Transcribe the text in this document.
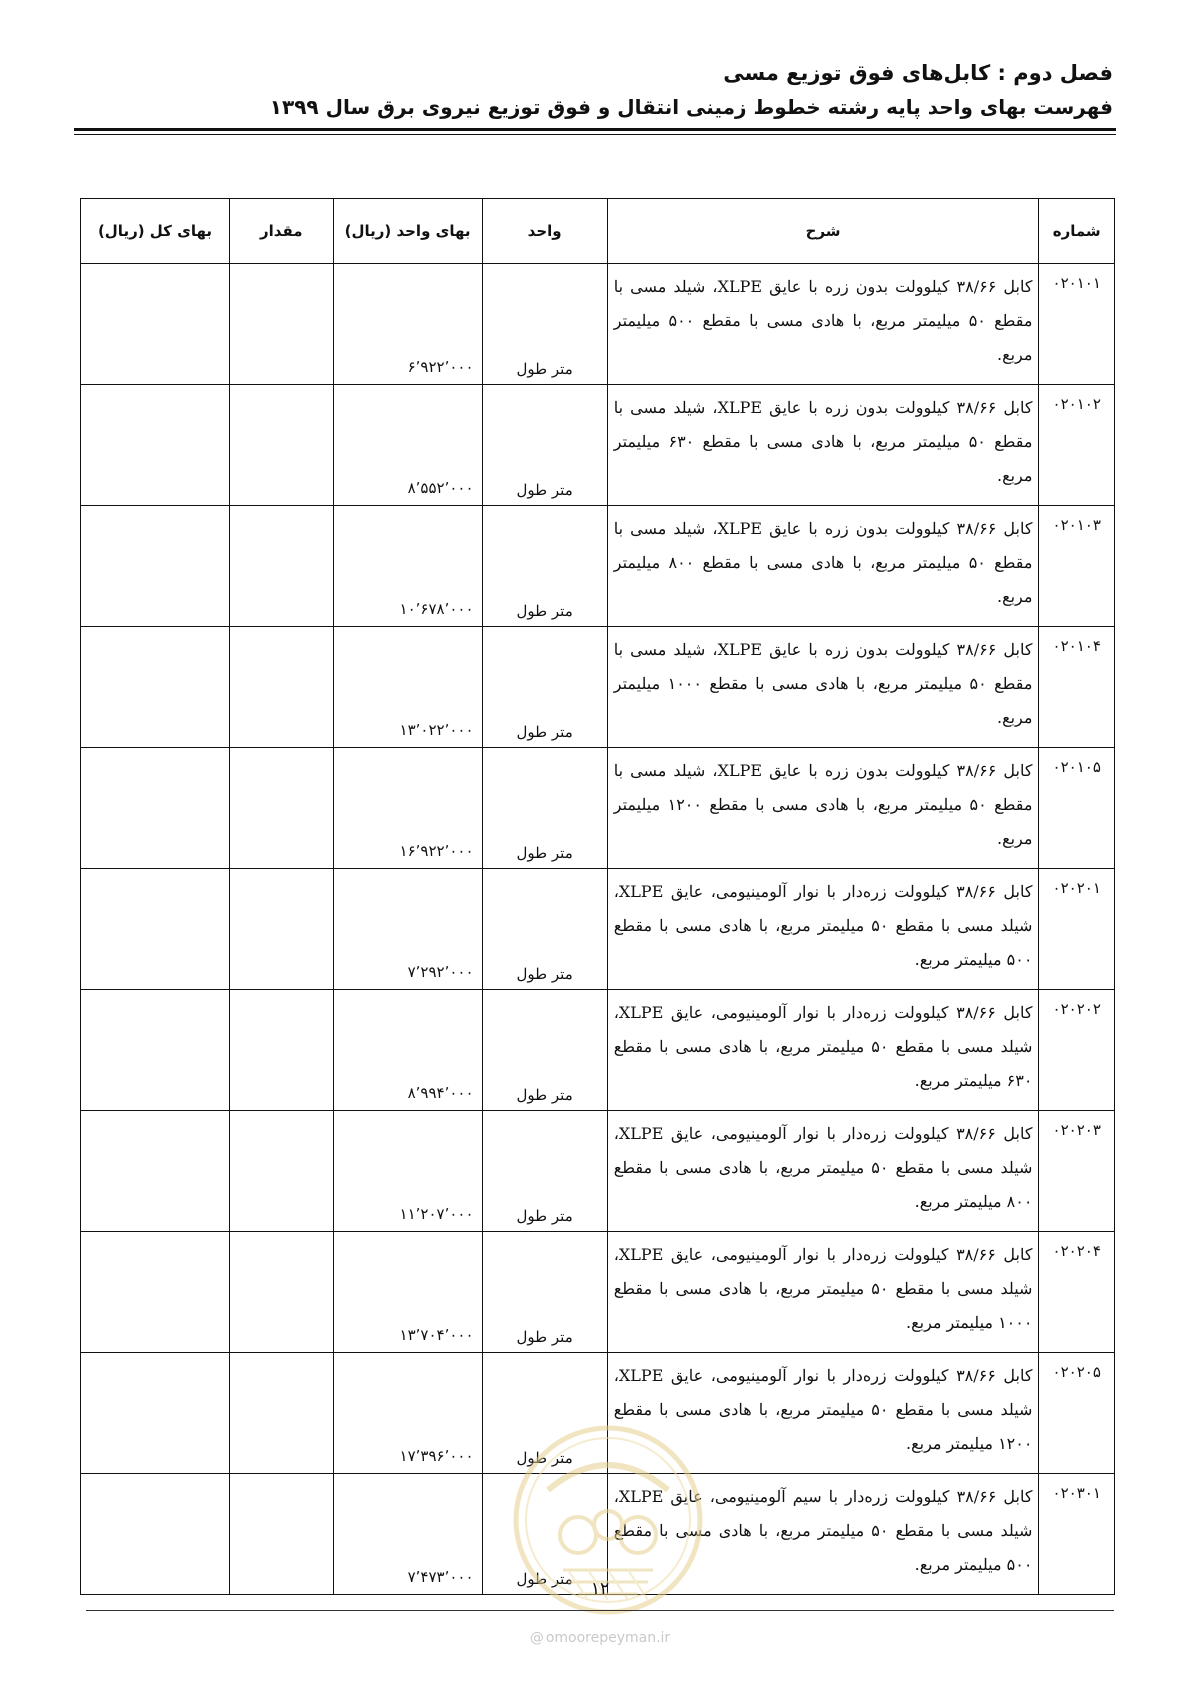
فصل دوم : کابل‌های فوق توزیع مسی
فهرست بهای واحد پایه رشته خطوط زمینی انتقال و فوق توزیع نیروی برق سال ۱۳۹۹
شماره	شرح	واحد	بهای واحد (ریال)	مقدار	بهای کل (ریال)
۰۲۰۱۰۱	کابل ۳۸/۶۶ کیلوولت بدون زره با عایق XLPE، شیلد مسی با مقطع ۵۰ میلیمتر مربع، با هادی مسی با مقطع ۵۰۰ میلیمتر مربع.	متر طول	۶٬۹۲۲٬۰۰۰		
۰۲۰۱۰۲	کابل ۳۸/۶۶ کیلوولت بدون زره با عایق XLPE، شیلد مسی با مقطع ۵۰ میلیمتر مربع، با هادی مسی با مقطع ۶۳۰ میلیمتر مربع.	متر طول	۸٬۵۵۲٬۰۰۰		
۰۲۰۱۰۳	کابل ۳۸/۶۶ کیلوولت بدون زره با عایق XLPE، شیلد مسی با مقطع ۵۰ میلیمتر مربع، با هادی مسی با مقطع ۸۰۰ میلیمتر مربع.	متر طول	۱۰٬۶۷۸٬۰۰۰		
۰۲۰۱۰۴	کابل ۳۸/۶۶ کیلوولت بدون زره با عایق XLPE، شیلد مسی با مقطع ۵۰ میلیمتر مربع، با هادی مسی با مقطع ۱۰۰۰ میلیمتر مربع.	متر طول	۱۳٬۰۲۲٬۰۰۰		
۰۲۰۱۰۵	کابل ۳۸/۶۶ کیلوولت بدون زره با عایق XLPE، شیلد مسی با مقطع ۵۰ میلیمتر مربع، با هادی مسی با مقطع ۱۲۰۰ میلیمتر مربع.	متر طول	۱۶٬۹۲۲٬۰۰۰		
۰۲۰۲۰۱	کابل ۳۸/۶۶ کیلوولت زره‌دار با نوار آلومینیومی، عایق XLPE، شیلد مسی با مقطع ۵۰ میلیمتر مربع، با هادی مسی با مقطع ۵۰۰ میلیمتر مربع.	متر طول	۷٬۲۹۲٬۰۰۰		
۰۲۰۲۰۲	کابل ۳۸/۶۶ کیلوولت زره‌دار با نوار آلومینیومی، عایق XLPE، شیلد مسی با مقطع ۵۰ میلیمتر مربع، با هادی مسی با مقطع ۶۳۰ میلیمتر مربع.	متر طول	۸٬۹۹۴٬۰۰۰		
۰۲۰۲۰۳	کابل ۳۸/۶۶ کیلوولت زره‌دار با نوار آلومینیومی، عایق XLPE، شیلد مسی با مقطع ۵۰ میلیمتر مربع، با هادی مسی با مقطع ۸۰۰ میلیمتر مربع.	متر طول	۱۱٬۲۰۷٬۰۰۰		
۰۲۰۲۰۴	کابل ۳۸/۶۶ کیلوولت زره‌دار با نوار آلومینیومی، عایق XLPE، شیلد مسی با مقطع ۵۰ میلیمتر مربع، با هادی مسی با مقطع ۱۰۰۰ میلیمتر مربع.	متر طول	۱۳٬۷۰۴٬۰۰۰		
۰۲۰۲۰۵	کابل ۳۸/۶۶ کیلوولت زره‌دار با نوار آلومینیومی، عایق XLPE، شیلد مسی با مقطع ۵۰ میلیمتر مربع، با هادی مسی با مقطع ۱۲۰۰ میلیمتر مربع.	متر طول	۱۷٬۳۹۶٬۰۰۰		
۰۲۰۳۰۱	کابل ۳۸/۶۶ کیلوولت زره‌دار با سیم آلومینیومی، عایق XLPE، شیلد مسی با مقطع ۵۰ میلیمتر مربع، با هادی مسی با مقطع ۵۰۰ میلیمتر مربع.	متر طول	۷٬۴۷۳٬۰۰۰		
۱۲
@ omoorepeyman.ir
